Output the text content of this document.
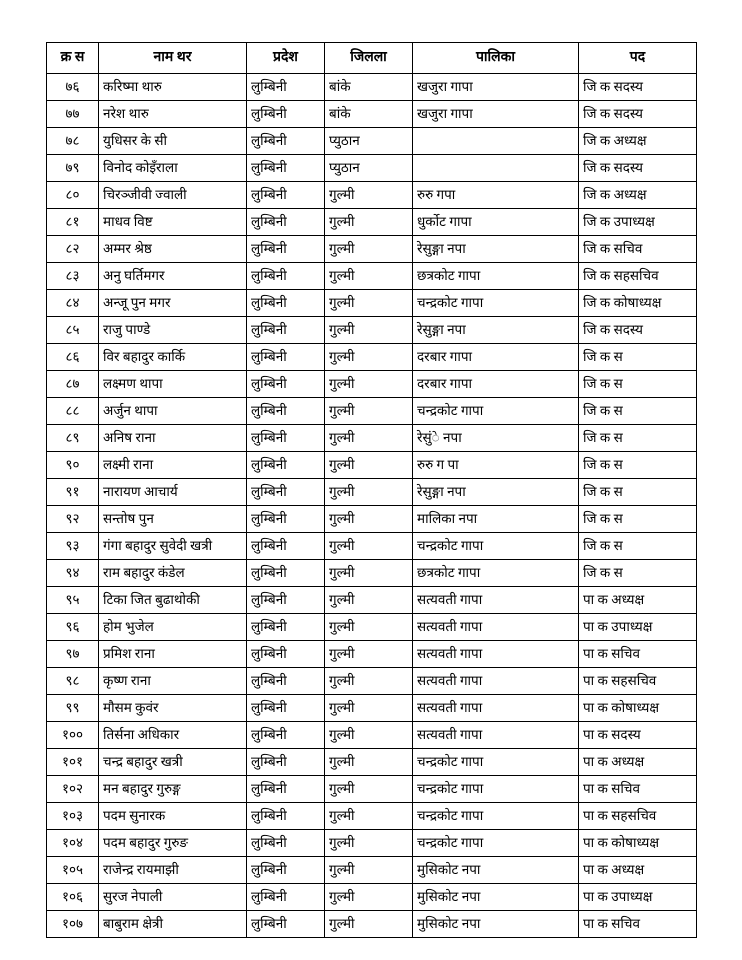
क्र स	नाम थर	प्रदेश	जिलला	पालिका	पद
७६	करिष्मा थारु	लुम्बिनी	बांके	खजुरा गापा	जि क सदस्य
७७	नरेश थारु	लुम्बिनी	बांके	खजुरा गापा	जि क सदस्य
७८	युधिसर के सी	लुम्बिनी	प्युठान		जि क अध्यक्ष
७९	विनोद कोइँराला	लुम्बिनी	प्युठान		जि क सदस्य
८०	चिरञ्जीवी ज्वाली	लुम्बिनी	गुल्मी	रुरु गपा	जि क अध्यक्ष
८१	माधव विष्ट	लुम्बिनी	गुल्मी	धुर्कोट गापा	जि क उपाध्यक्ष
८२	अम्मर श्रेष्ठ	लुम्बिनी	गुल्मी	रेसुङ्गा नपा	जि क सचिव
८३	अनु घर्तिमगर	लुम्बिनी	गुल्मी	छत्रकोट गापा	जि क सहसचिव
८४	अन्जू पुन मगर	लुम्बिनी	गुल्मी	चन्द्रकोट गापा	जि क कोषाध्यक्ष
८५	राजु पाण्डे	लुम्बिनी	गुल्मी	रेसुङ्गा नपा	जि क सदस्य
८६	विर बहादुर कार्कि	लुम्बिनी	गुल्मी	दरबार गापा	जि क स
८७	लक्ष्मण थापा	लुम्बिनी	गुल्मी	दरबार गापा	जि क स
८८	अर्जुन थापा	लुम्बिनी	गुल्मी	चन्द्रकोट गापा	जि क स
८९	अनिष राना	लुम्बिनी	गुल्मी	रेसुंे नपा	जि क स
९०	लक्ष्मी राना	लुम्बिनी	गुल्मी	रुरु ग पा	जि क स
९१	नारायण आचार्य	लुम्बिनी	गुल्मी	रेसुङ्गा नपा	जि क स
९२	सन्तोष पुन	लुम्बिनी	गुल्मी	मालिका नपा	जि क स
९३	गंगा बहादुर सुवेदी खत्री	लुम्बिनी	गुल्मी	चन्द्रकोट गापा	जि क स
९४	राम बहादुर कंडेल	लुम्बिनी	गुल्मी	छत्रकोट गापा	जि क स
९५	टिका जित बुढाथोकी	लुम्बिनी	गुल्मी	सत्यवती गापा	पा क अध्यक्ष
९६	होम भुजेल	लुम्बिनी	गुल्मी	सत्यवती गापा	पा क उपाध्यक्ष
९७	प्रमिश राना	लुम्बिनी	गुल्मी	सत्यवती गापा	पा क सचिव
९८	कृष्ण राना	लुम्बिनी	गुल्मी	सत्यवती गापा	पा क सहसचिव
९९	मौसम कुवंर	लुम्बिनी	गुल्मी	सत्यवती गापा	पा क कोषाध्यक्ष
१००	तिर्सना अधिकार	लुम्बिनी	गुल्मी	सत्यवती गापा	पा क सदस्य
१०१	चन्द्र बहादुर खत्री	लुम्बिनी	गुल्मी	चन्द्रकोट गापा	पा क अध्यक्ष
१०२	मन बहादुर गुरुङ्ग	लुम्बिनी	गुल्मी	चन्द्रकोट गापा	पा क सचिव
१०३	पदम सुनारक	लुम्बिनी	गुल्मी	चन्द्रकोट गापा	पा क सहसचिव
१०४	पदम बहादुर गुरुङ	लुम्बिनी	गुल्मी	चन्द्रकोट गापा	पा क कोषाध्यक्ष
१०५	राजेन्द्र रायमाझी	लुम्बिनी	गुल्मी	मुसिकोट नपा	पा क अध्यक्ष
१०६	सुरज नेपाली	लुम्बिनी	गुल्मी	मुसिकोट नपा	पा क उपाध्यक्ष
१०७	बाबुराम क्षेत्री	लुम्बिनी	गुल्मी	मुसिकोट नपा	पा क सचिव
